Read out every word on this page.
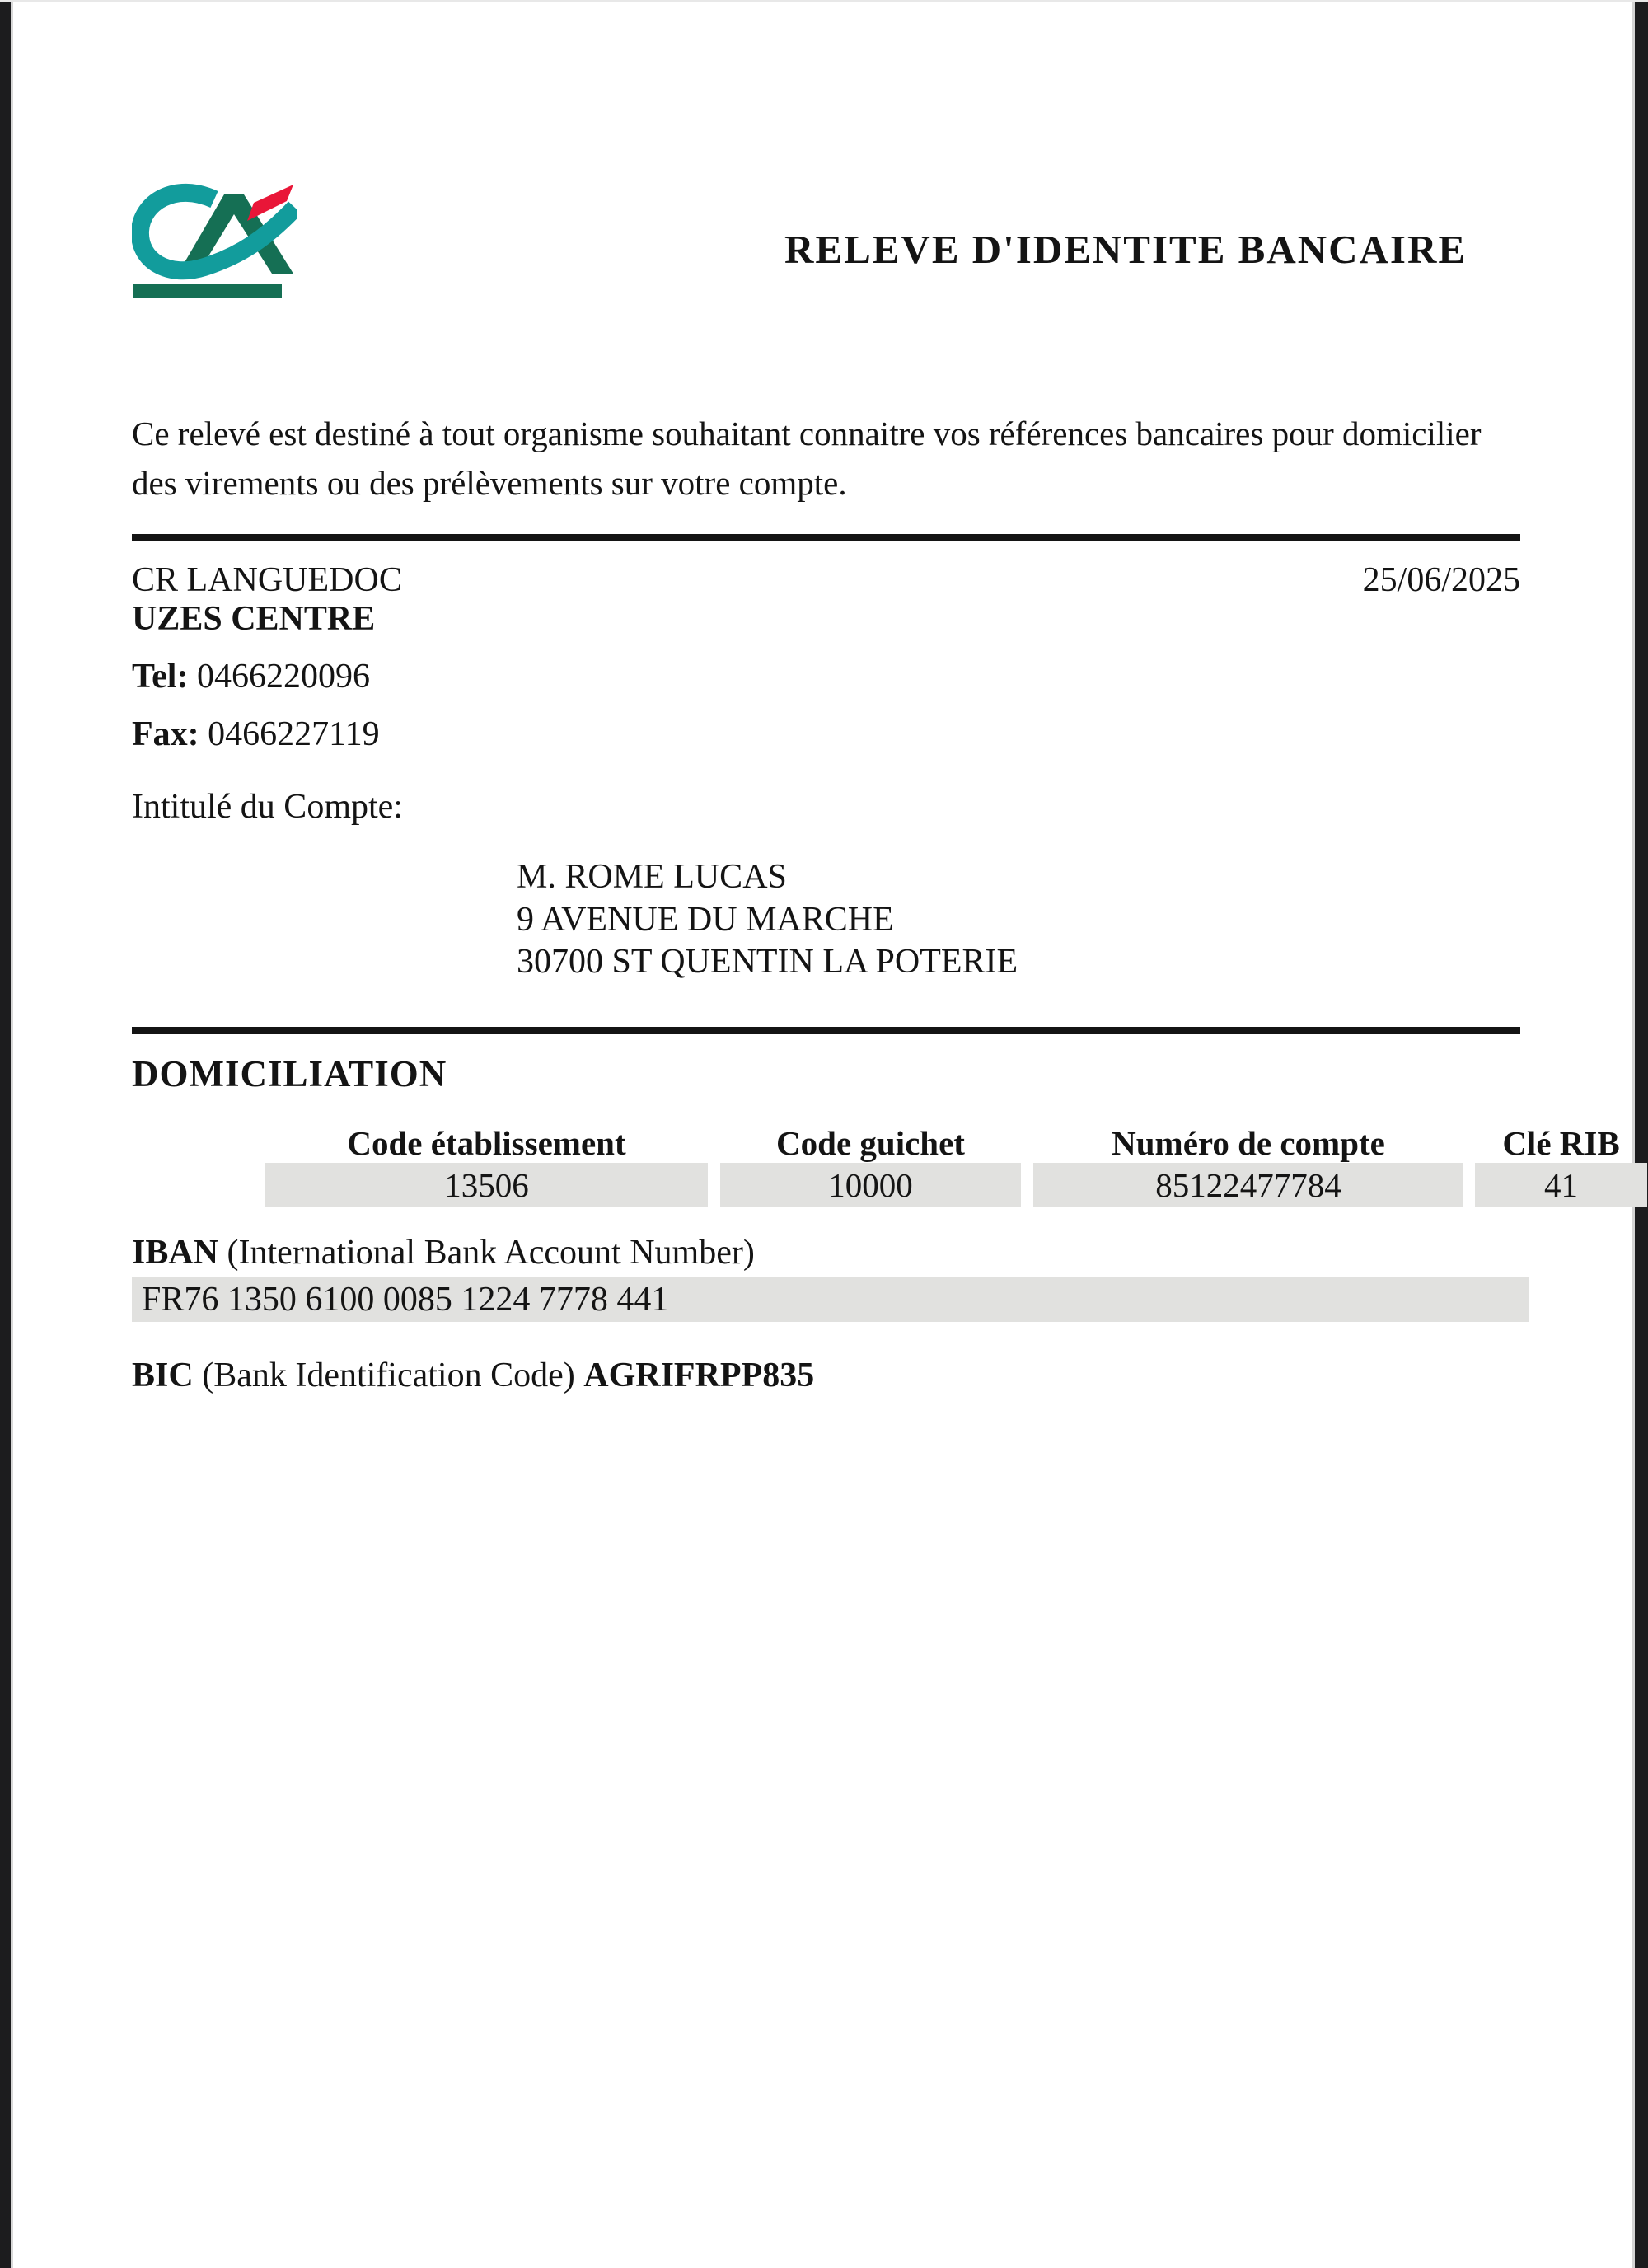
RELEVE D'IDENTITE BANCAIRE
Ce relevé est destiné à tout organisme souhaitant connaitre vos références bancaires pour domicilier des virements ou des prélèvements sur votre compte.
25/06/2025
CR LANGUEDOC
UZES CENTRE
Tel: 0466220096
Fax: 0466227119
Intitulé du Compte:
M. ROME LUCAS
9 AVENUE DU MARCHE
30700 ST QUENTIN LA POTERIE
DOMICILIATION
Code établissement	Code guichet	Numéro de compte	Clé RIB
13506	10000	85122477784	41
IBAN (International Bank Account Number)
FR76 1350 6100 0085 1224 7778 441
BIC (Bank Identification Code) AGRIFRPP835
